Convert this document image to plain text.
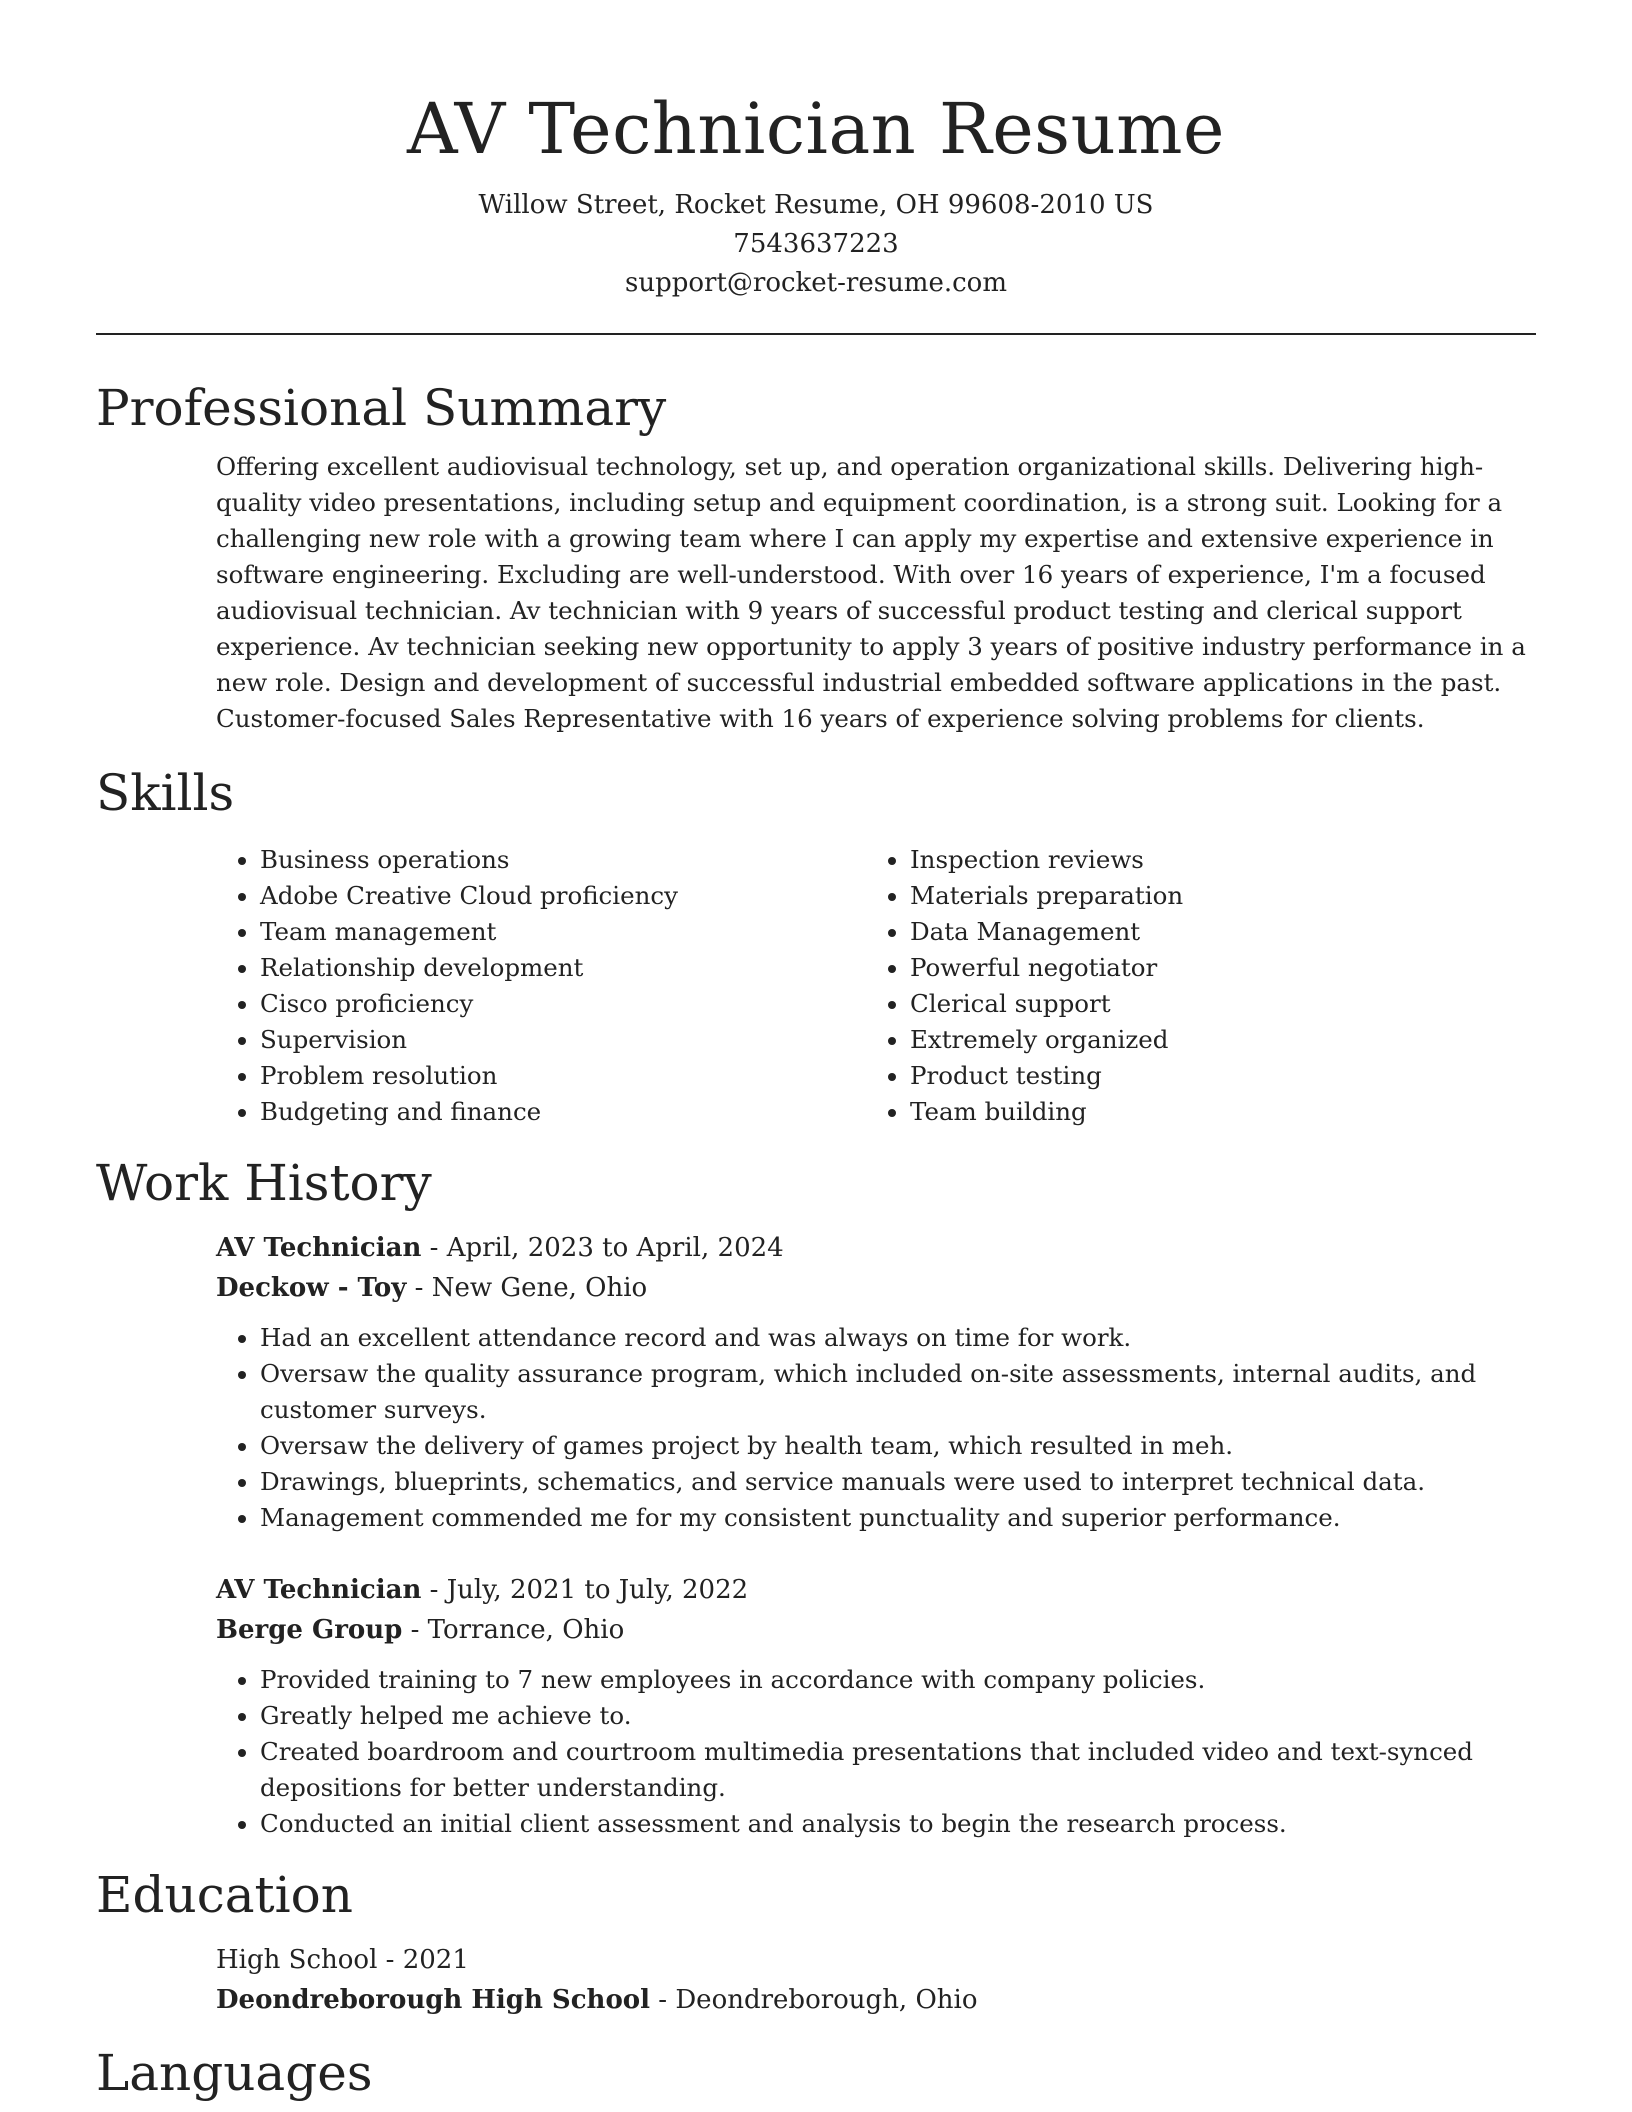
AV Technician Resume
Willow Street, Rocket Resume, OH 99608-2010 US
7543637223
support@rocket-resume.com
Professional Summary

Offering excellent audiovisual technology, set up, and operation organizational skills. Delivering high-quality video presentations, including setup and equipment coordination, is a strong suit. Looking for a challenging new role with a growing team where I can apply my expertise and extensive experience in software engineering. Excluding are well-understood. With over 16 years of experience, I'm a focused audiovisual technician. Av technician with 9 years of successful product testing and clerical support experience. Av technician seeking new opportunity to apply 3 years of positive industry performance in a new role. Design and development of successful industrial embedded software applications in the past. Customer-focused Sales Representative with 16 years of experience solving problems for clients.

Skills
• Business operations
• Adobe Creative Cloud proficiency
• Team management
• Relationship development
• Cisco proficiency
• Supervision
• Problem resolution
• Budgeting and finance
• Inspection reviews
• Materials preparation
• Data Management
• Powerful negotiator
• Clerical support
• Extremely organized
• Product testing
• Team building
Work History
AV Technician - April, 2023 to April, 2024
Deckow - Toy - New Gene, Ohio
• Had an excellent attendance record and was always on time for work.
• Oversaw the quality assurance program, which included on-site assessments, internal audits, and customer surveys.
• Oversaw the delivery of games project by health team, which resulted in meh.
• Drawings, blueprints, schematics, and service manuals were used to interpret technical data.
• Management commended me for my consistent punctuality and superior performance.
AV Technician - July, 2021 to July, 2022
Berge Group - Torrance, Ohio
• Provided training to 7 new employees in accordance with company policies.
• Greatly helped me achieve to.
• Created boardroom and courtroom multimedia presentations that included video and text-synced depositions for better understanding.
• Conducted an initial client assessment and analysis to begin the research process.
Education
High School - 2021
Deondreborough High School - Deondreborough, Ohio
Languages
